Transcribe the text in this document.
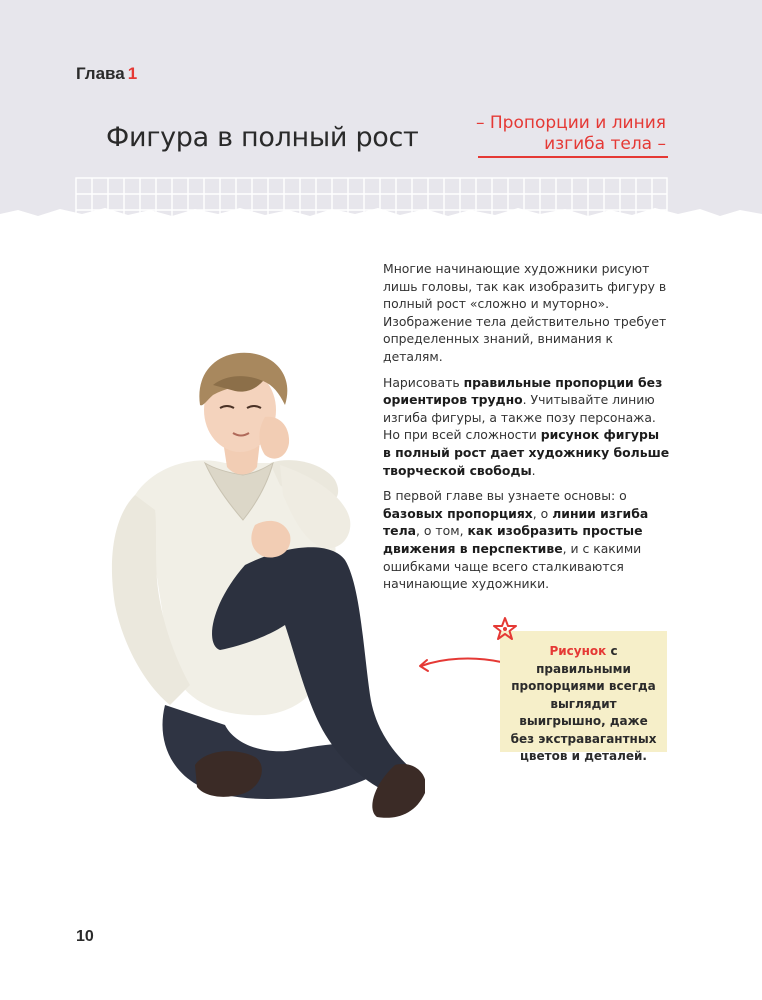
Глава 1
Фигура в полный рост	– Пропорции и линия
изгиба тела –

Многие начинающие художники рисуют лишь головы, так как изобразить фигуру в полный рост «сложно и муторно». Изображение тела действительно требует определенных знаний, внимания к деталям.

Нарисовать правильные пропорции без ориентиров трудно. Учитывайте линию изгиба фигуры, а также позу персонажа. Но при всей сложности рисунок фигуры в полный рост дает художнику больше творческой свободы.

В первой главе вы узнаете основы: о базовых пропорциях, о линии изгиба тела, о том, как изобразить простые движения в перспективе, и с какими ошибками чаще всего сталкиваются начинающие художники.

Рисунок с правильными пропорциями всегда выглядит выигрышно, даже без экстравагантных цветов и деталей.
10
